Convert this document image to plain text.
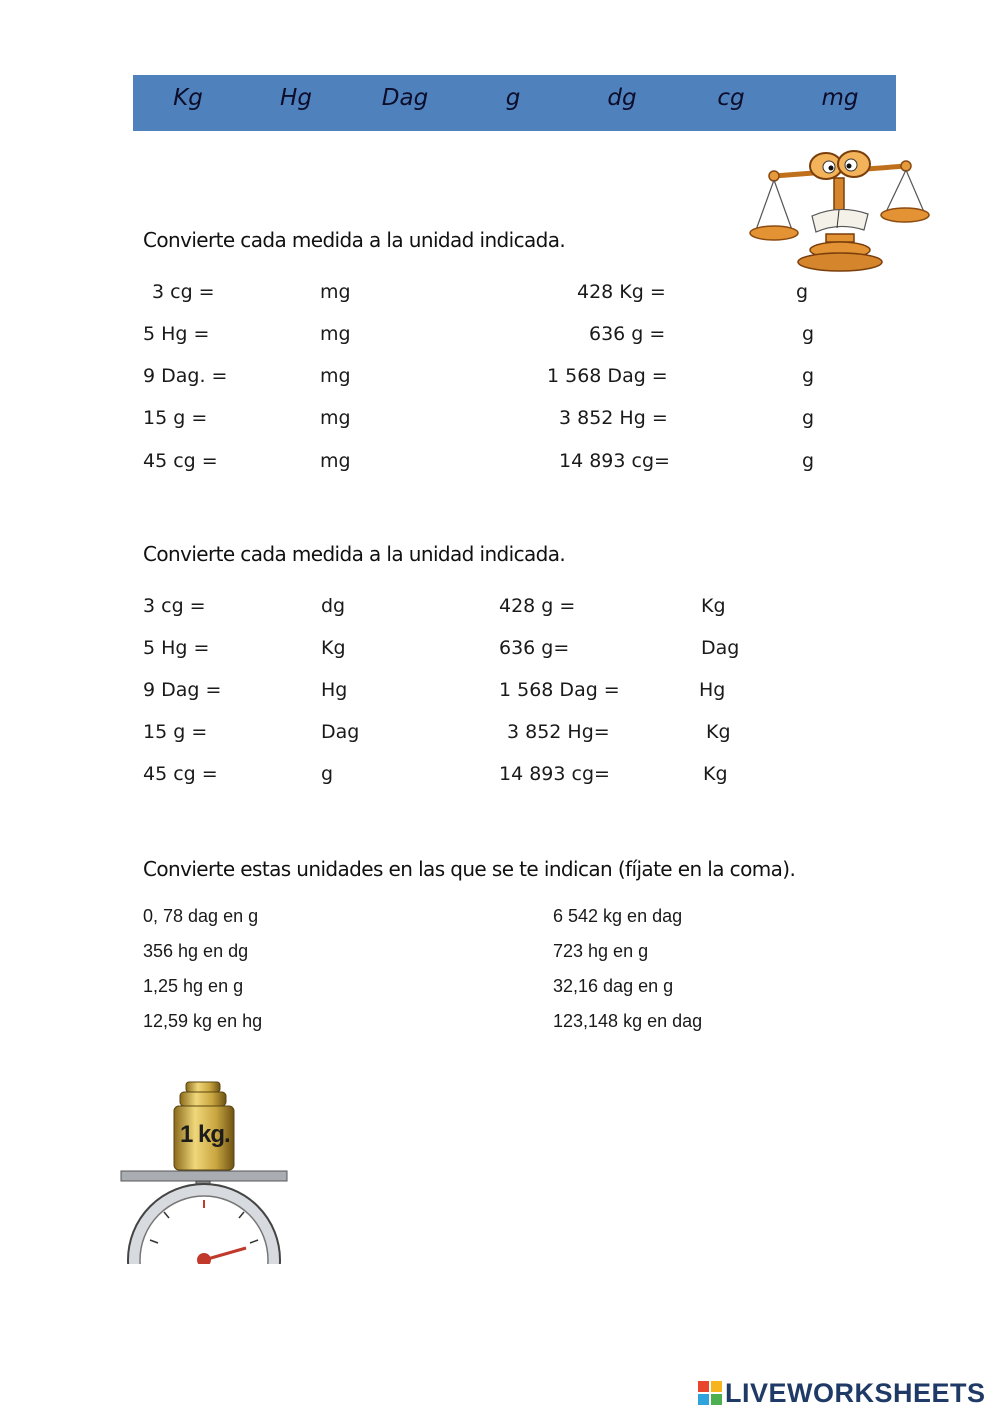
Kg	Hg	Dag	g	dg	cg	mg
Convierte cada medida a la unidad indicada.
3 cg =	mg
5 Hg =	mg
9 Dag. =	mg
15 g =	mg
45 cg =	mg
428 Kg =	g
636 g =	g
1 568 Dag =	g
3 852 Hg =	g
14 893 cg=	g
Convierte cada medida a la unidad indicada.
3 cg =	dg
5 Hg =	Kg
9 Dag =	Hg
15 g =	Dag
45 cg =	g
428 g =	Kg
636 g=	Dag
1 568 Dag =	Hg
3 852 Hg=	Kg
14 893 cg=	Kg
Convierte estas unidades en las que se te indican (fíjate en la coma).
0, 78 dag en g
356 hg en dg
1,25 hg en g
12,59 kg en hg
6 542 kg en dag
723 hg en g
32,16 dag en g
123,148 kg en dag
1 kg.
LIVEWORKSHEETS
